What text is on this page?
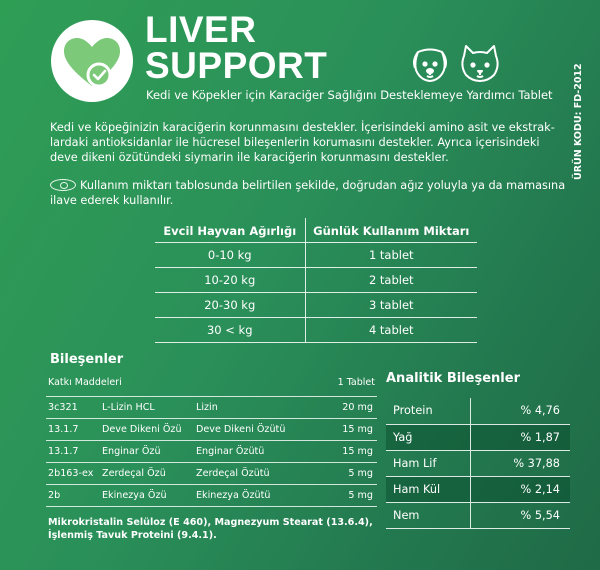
LIVER
SUPPORT
Kedi ve Köpekler için Karaciğer Sağlığını Desteklemeye Yardımcı Tablet ÜRÜN KODU: FD-2012

Kedi ve köpeğinizin karaciğerin korunmasını destekler. İçerisindeki amino asit ve ekstrak-lardaki antioksidanlar ile hücresel bileşenlerin korumasını destekler. Ayrıca içerisindeki deve dikeni özütündeki siymarin ile karaciğerin korunmasını destekler.

Kullanım miktarı tablosunda belirtilen şekilde, doğrudan ağız yoluyla ya da mamasına ilave ederek kullanılır.

Evcil Hayvan Ağırlığı	Günlük Kullanım Miktarı
0-10 kg	1 tablet
10-20 kg	2 tablet
20-30 kg	3 tablet
30 < kg	4 tablet
Bileşenler
Katkı Maddeleri	1 Tablet
3c321	L-Lizin HCL	Lizin	20 mg
13.1.7	Deve Dikeni Özü	Deve Dikeni Özütü	15 mg
13.1.7	Enginar Özü	Enginar Özütü	15 mg
2b163-ex	Zerdeçal Özü	Zerdeçal Özütü	5 mg
2b	Ekinezya Özü	Ekinezya Özütü	5 mg
Mikrokristalin Selüloz (E 460), Magnezyum Stearat (13.6.4), İşlenmiş Tavuk Proteini (9.4.1).
Analitik Bileşenler
Protein	% 4,76
Yağ	% 1,87
Ham Lif	% 37,88
Ham Kül	% 2,14
Nem	% 5,54
